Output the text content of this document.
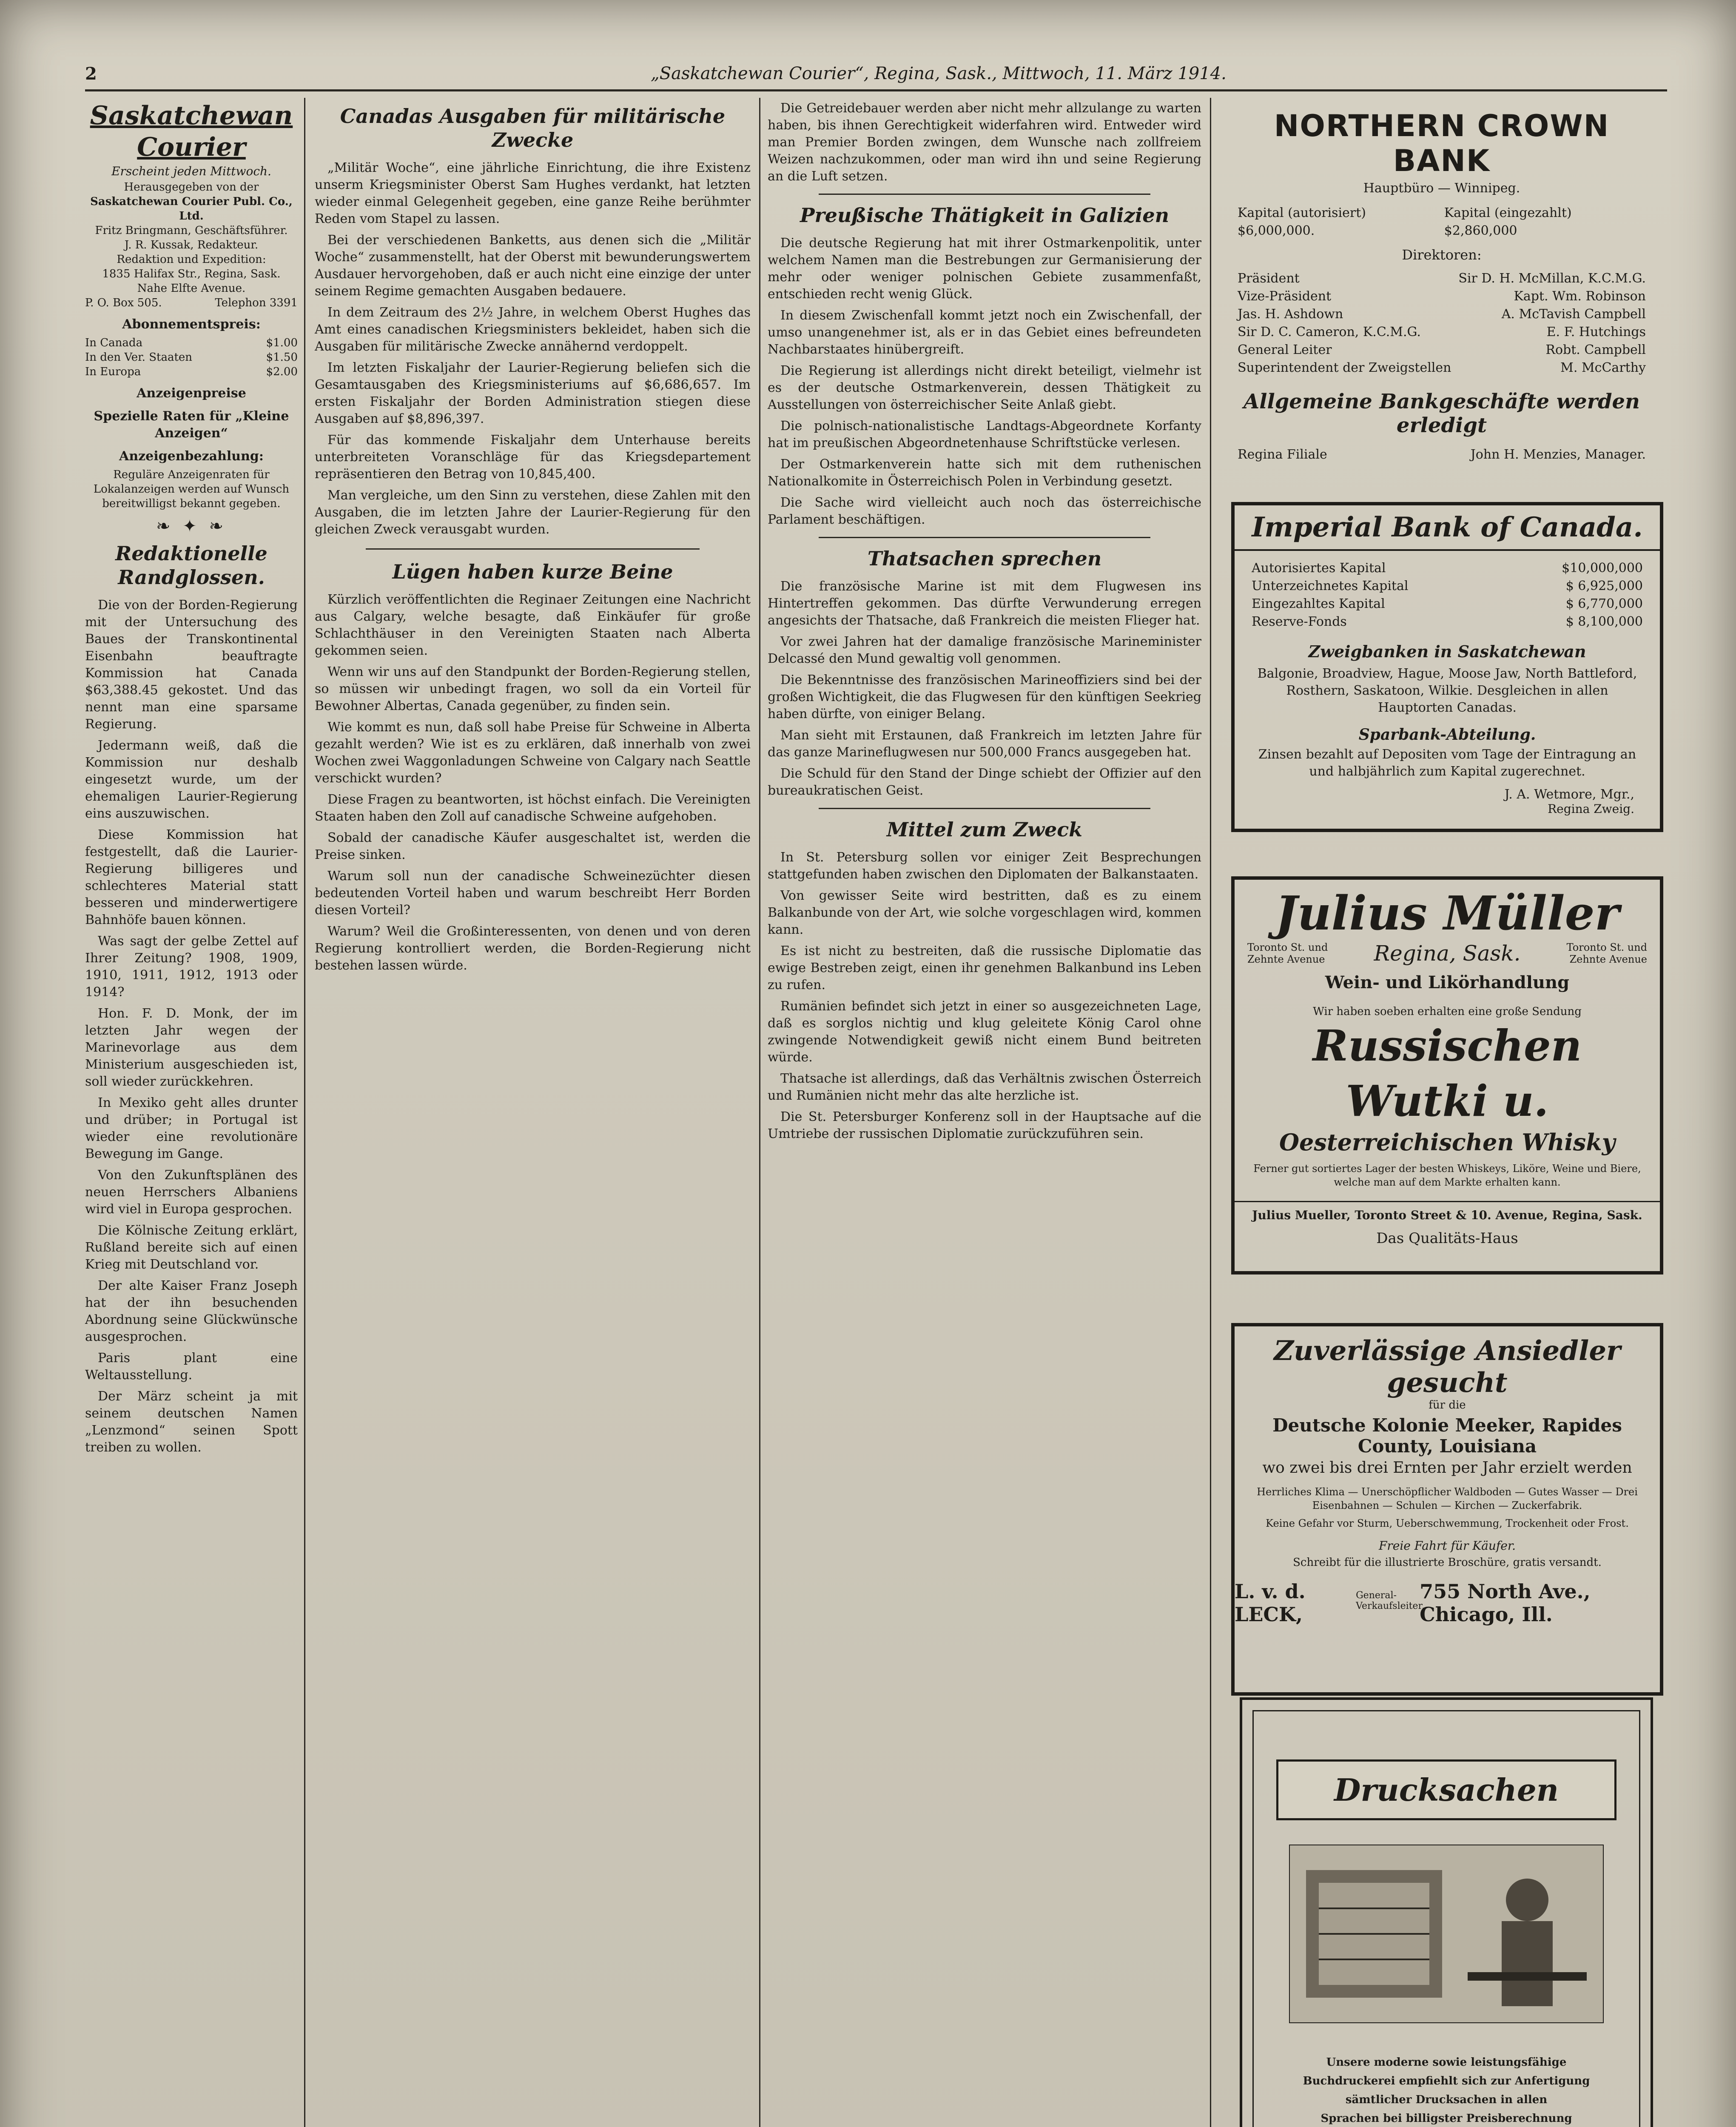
2	„Saskatchewan Courier“, Regina, Sask., Mittwoch, 11. März 1914.
Saskatchewan Courier
Erscheint jeden Mittwoch.
Herausgegeben von der
Saskatchewan Courier Publ. Co., Ltd.
Fritz Bringmann, Geschäftsführer.
J. R. Kussak, Redakteur.
Redaktion und Expedition:
1835 Halifax Str., Regina, Sask.
Nahe Elfte Avenue.
P. O. Box 505.	Telephon 3391
Abonnementspreis:
In Canada	$1.00
In den Ver. Staaten	$1.50
In Europa	$2.00
Anzeigenpreise
Spezielle Raten für „Kleine Anzeigen“
Anzeigenbezahlung:
Reguläre Anzeigenraten für Lokalanzeigen werden auf Wunsch bereitwilligst bekannt gegeben.
❧ ✦ ❧
Redaktionelle Randglossen.

Die von der Borden-Regierung mit der Untersuchung des Baues der Transkontinental Eisenbahn beauftragte Kommission hat Canada $63,388.45 gekostet. Und das nennt man eine sparsame Regierung.

Jedermann weiß, daß die Kommission nur deshalb eingesetzt wurde, um der ehemaligen Laurier-Regierung eins auszuwischen.

Diese Kommission hat festgestellt, daß die Laurier-Regierung billigeres und schlechteres Material statt besseren und minderwertigere Bahnhöfe bauen können.

Was sagt der gelbe Zettel auf Ihrer Zeitung? 1908, 1909, 1910, 1911, 1912, 1913 oder 1914?

Hon. F. D. Monk, der im letzten Jahr wegen der Marinevorlage aus dem Ministerium ausgeschieden ist, soll wieder zurückkehren.

In Mexiko geht alles drunter und drüber; in Portugal ist wieder eine revolutionäre Bewegung im Gange.

Von den Zukunftsplänen des neuen Herrschers Albaniens wird viel in Europa gesprochen.

Die Kölnische Zeitung erklärt, Rußland bereite sich auf einen Krieg mit Deutschland vor.

Der alte Kaiser Franz Joseph hat der ihn besuchenden Abordnung seine Glückwünsche ausgesprochen.

Paris plant eine Weltausstellung.

Der März scheint ja mit seinem deutschen Namen „Lenzmond“ seinen Spott treiben zu wollen.

Canadas Ausgaben für militärische Zwecke

„Militär Woche“, eine jährliche Einrichtung, die ihre Existenz unserm Kriegsminister Oberst Sam Hughes verdankt, hat letzten wieder einmal Gelegenheit gegeben, eine ganze Reihe berühmter Reden vom Stapel zu lassen.

Bei der verschiedenen Banketts, aus denen sich die „Militär Woche“ zusammenstellt, hat der Oberst mit bewunderungswertem Ausdauer hervorgehoben, daß er auch nicht eine einzige der unter seinem Regime gemachten Ausgaben bedauere.

In dem Zeitraum des 2½ Jahre, in welchem Oberst Hughes das Amt eines canadischen Kriegsministers bekleidet, haben sich die Ausgaben für militärische Zwecke annähernd verdoppelt.

Im letzten Fiskaljahr der Laurier-Regierung beliefen sich die Gesamtausgaben des Kriegsministeriums auf $6,686,657. Im ersten Fiskaljahr der Borden Administration stiegen diese Ausgaben auf $8,896,397.

Für das kommende Fiskaljahr dem Unterhause bereits unterbreiteten Voranschläge für das Kriegsdepartement repräsentieren den Betrag von 10,845,400.

Man vergleiche, um den Sinn zu verstehen, diese Zahlen mit den Ausgaben, die im letzten Jahre der Laurier-Regierung für den gleichen Zweck verausgabt wurden.

Lügen haben kurze Beine

Kürzlich veröffentlichten die Reginaer Zeitungen eine Nachricht aus Calgary, welche besagte, daß Einkäufer für große Schlachthäuser in den Vereinigten Staaten nach Alberta gekommen seien.

Wenn wir uns auf den Standpunkt der Borden-Regierung stellen, so müssen wir unbedingt fragen, wo soll da ein Vorteil für Bewohner Albertas, Canada gegenüber, zu finden sein.

Wie kommt es nun, daß soll habe Preise für Schweine in Alberta gezahlt werden? Wie ist es zu erklären, daß innerhalb von zwei Wochen zwei Waggonladungen Schweine von Calgary nach Seattle verschickt wurden?

Diese Fragen zu beantworten, ist höchst einfach. Die Vereinigten Staaten haben den Zoll auf canadische Schweine aufgehoben.

Sobald der canadische Käufer ausgeschaltet ist, werden die Preise sinken.

Warum soll nun der canadische Schweinezüchter diesen bedeutenden Vorteil haben und warum beschreibt Herr Borden diesen Vorteil?

Warum? Weil die Großinteressenten, von denen und von deren Regierung kontrolliert werden, die Borden-Regierung nicht bestehen lassen würde.

Die Getreidebauer werden aber nicht mehr allzulange zu warten haben, bis ihnen Gerechtigkeit widerfahren wird. Entweder wird man Premier Borden zwingen, dem Wunsche nach zollfreiem Weizen nachzukommen, oder man wird ihn und seine Regierung an die Luft setzen.

Preußische Thätigkeit in Galizien

Die deutsche Regierung hat mit ihrer Ostmarkenpolitik, unter welchem Namen man die Bestrebungen zur Germanisierung der mehr oder weniger polnischen Gebiete zusammenfaßt, entschieden recht wenig Glück.

In diesem Zwischenfall kommt jetzt noch ein Zwischenfall, der umso unangenehmer ist, als er in das Gebiet eines befreundeten Nachbarstaates hinübergreift.

Die Regierung ist allerdings nicht direkt beteiligt, vielmehr ist es der deutsche Ostmarkenverein, dessen Thätigkeit zu Ausstellungen von österreichischer Seite Anlaß giebt.

Die polnisch-nationalistische Landtags-Abgeordnete Korfanty hat im preußischen Abgeordnetenhause Schriftstücke verlesen.

Der Ostmarkenverein hatte sich mit dem ruthenischen Nationalkomite in Österreichisch Polen in Verbindung gesetzt.

Die Sache wird vielleicht auch noch das österreichische Parlament beschäftigen.

Thatsachen sprechen

Die französische Marine ist mit dem Flugwesen ins Hintertreffen gekommen. Das dürfte Verwunderung erregen angesichts der Thatsache, daß Frankreich die meisten Flieger hat.

Vor zwei Jahren hat der damalige französische Marineminister Delcassé den Mund gewaltig voll genommen.

Die Bekenntnisse des französischen Marineoffiziers sind bei der großen Wichtigkeit, die das Flugwesen für den künftigen Seekrieg haben dürfte, von einiger Belang.

Man sieht mit Erstaunen, daß Frankreich im letzten Jahre für das ganze Marineflugwesen nur 500,000 Francs ausgegeben hat.

Die Schuld für den Stand der Dinge schiebt der Offizier auf den bureaukratischen Geist.

Mittel zum Zweck

In St. Petersburg sollen vor einiger Zeit Besprechungen stattgefunden haben zwischen den Diplomaten der Balkanstaaten.

Von gewisser Seite wird bestritten, daß es zu einem Balkanbunde von der Art, wie solche vorgeschlagen wird, kommen kann.

Es ist nicht zu bestreiten, daß die russische Diplomatie das ewige Bestreben zeigt, einen ihr genehmen Balkanbund ins Leben zu rufen.

Rumänien befindet sich jetzt in einer so ausgezeichneten Lage, daß es sorglos nichtig und klug geleitete König Carol ohne zwingende Notwendigkeit gewiß nicht einem Bund beitreten würde.

Thatsache ist allerdings, daß das Verhältnis zwischen Österreich und Rumänien nicht mehr das alte herzliche ist.

Die St. Petersburger Konferenz soll in der Hauptsache auf die Umtriebe der russischen Diplomatie zurückzuführen sein.

NORTHERN CROWN BANK
Hauptbüro — Winnipeg.
Kapital (autorisiert) $6,000,000.
Kapital (eingezahlt) $2,860,000
Direktoren:
Präsident	Sir D. H. McMillan, K.C.M.G.
Vize-Präsident	Kapt. Wm. Robinson
Jas. H. Ashdown	A. McTavish Campbell
Sir D. C. Cameron, K.C.M.G.	E. F. Hutchings
General Leiter	Robt. Campbell
Superintendent der Zweigstellen	M. McCarthy
Allgemeine Bankgeschäfte werden erledigt
Regina Filiale	John H. Menzies, Manager.
Imperial Bank of Canada.
Autorisiertes Kapital	$10,000,000
Unterzeichnetes Kapital	$ 6,925,000
Eingezahltes Kapital	$ 6,770,000
Reserve-Fonds	$ 8,100,000
Zweigbanken in Saskatchewan
Balgonie, Broadview, Hague, Moose Jaw, North Battleford, Rosthern, Saskatoon, Wilkie. Desgleichen in allen Hauptorten Canadas.
Sparbank-Abteilung.
Zinsen bezahlt auf Depositen vom Tage der Eintragung an und halbjährlich zum Kapital zugerechnet.
J. A. Wetmore, Mgr.,
Regina Zweig.
Julius Müller
Toronto St. und Zehnte Avenue	Regina, Sask.	Toronto St. und Zehnte Avenue
Wein- und Likörhandlung
Wir haben soeben erhalten eine große Sendung
Russischen Wutki u.
Oesterreichischen Whisky
Ferner gut sortiertes Lager der besten Whiskeys, Liköre, Weine und Biere, welche man auf dem Markte erhalten kann.
Julius Mueller, Toronto Street & 10. Avenue, Regina, Sask.
Das Qualitäts-Haus
Zuverlässige Ansiedler gesucht
für die
Deutsche Kolonie Meeker, Rapides County, Louisiana
wo zwei bis drei Ernten per Jahr erzielt werden
Herrliches Klima — Unerschöpflicher Waldboden — Gutes Wasser — Drei Eisenbahnen — Schulen — Kirchen — Zuckerfabrik.
Keine Gefahr vor Sturm, Ueberschwemmung, Trockenheit oder Frost.
Freie Fahrt für Käufer.
Schreibt für die illustrierte Broschüre, gratis versandt.
L. v. d. LECK,
General-Verkaufsleiter,
755 North Ave., Chicago, Ill.
Drucksachen
Unsere moderne sowie leistungsfähige
Buchdruckerei empfiehlt sich zur Anfertigung sämtlicher Drucksachen in allen
Sprachen bei billigster Preisberechnung
